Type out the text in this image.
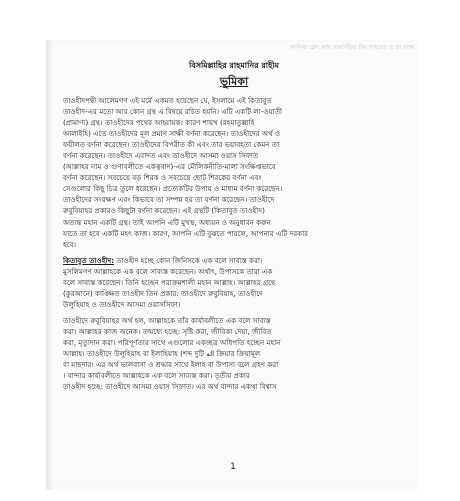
কালিমা ব্লেন কাছ অন্তর্নিহিত চীন সাহব্যো এ ভ্রা বাক্ষ্য

বিসমিল্লাহির রাহমানির রাহীম

ভূমিকা

তাওহীদপন্থী আলেমগণ এই মর্মে একমত হয়েছেন যে, ইসলামে এই কিতাবুত
তাওহীদ-এর মতো আর কোন গ্রন্থ এ বিষয়ে রচিত হয়নি। এটি একটি লা-ওয়াতী
(প্রামাণ্য) গ্রন্থ। তাওহীদের পথের আহ্বায়ক। কারণ শায়খ (রহমাতুল্লাহি
আলাইহি) এতে তাওহীদের মূল প্রমাণ সাক্ষী বর্ণনা করেছেন। তাওহীদের অর্থ ও
ফযীলত বর্ণনা করেছেন। তাওহীদের বিপরীত কী এবং তার ভয়াবহতা কেমন তা
বর্ণনা করেছেন। তাওহীদে এবাদত এবং তাওহীদে আসমা ওয়াস সিফাত
(আল্লাহর নাম ও গুণাবলীতে একত্ববাদ)-এর মৌলিকনীতি-মালা সংক্ষিপ্তভাবে
বর্ণনা করেছেন। সবচেয়ে বড় শিরক ও সবচেয়ে ছোট শিরকের বর্ণনা এবং
সেগুলোর কিছু চিত্র তুলে ধরেছেন। প্রত্যেকটির উপায় ও মাধ্যম বর্ণনা করেছেন।
তাওহীদের সংরক্ষণ এবং কিভাবে তা সম্পন্ন হয় তা বর্ণনা করেছেন। তাওহীদে
রুবুবিয়াহর প্রকারও কিছুটা বর্ণনা করেছেন। এই গ্রন্থটি (কিতাবুত তাওহীদ)
অত্যন্ত মহান একটি গ্রন্থ। তাই আপনি এটি মুখস্থ, অধ্যয়ন ও অনুধাবন করুন
যাতে তা হবে একটি মহৎ কাজ। কারণ, আপনি এটি বুঝতে পারলে, আপনার এটি দরকার
হবে।
কিতাবুত তাওহীদ: তাওহীদ হচ্ছে কোন জিনিসকে এক বলে সাব্যস্ত করা।
মুসলিমগণ আল্লাহকে এক বলে সাব্যস্ত করেছেন। অর্থাৎ, উপাসকে তারা এক
বলে সাব্যস্ত করেছেন। তিনি হচ্ছেন পরাক্রমশালী মহান আল্লাহ। আল্লাহর গ্রন্থে
(কুরআনে) কাঙ্ক্ষিত তাওহীদ তিন প্রকার: তাওহীদে রুবুবিয়াহ, তাওহীদে
উলুহিয়াহ ও তাওহীদে আসমা ওয়াসসিফা।
তাওহীদে রুবুবিয়াহর অর্থ হল, আল্লাহকে তাঁর কার্যাবলীতে এক বলে সাব্যস্ত
করা। আল্লাহর কাজ অনেক। তন্মধ্যে হচ্ছে: সৃষ্টি করা, জীবিকা দেয়া, জীবিত
করা, মৃত্যুদান করা। পরিপূর্ণতার সাথে এগুলোর একচ্ছত্র অধিপতি হচ্ছেন মহান
আল্লাহ। তাওহীদে উলুহিয়াহ বা ইলাহিয়াহ (শব্দ দুটি اله ক্রিয়ার ক্রিয়ামূল
বা মাছদার। এর অর্থ ভালবাসা ও শ্রদ্ধার সাথে ইলাহ বা উপাস্য বলে গ্রহণ করা
। বান্দার কার্যাবলীতে আল্লাহকে এক বলে সাব্যস্ত করা। তৃতীয় প্রকার
তাওহীদ হচ্ছে: তাওহীদে আসমা ওয়াস সিফাত। এর অর্থ বান্দার একথা বিশ্বাস
1
